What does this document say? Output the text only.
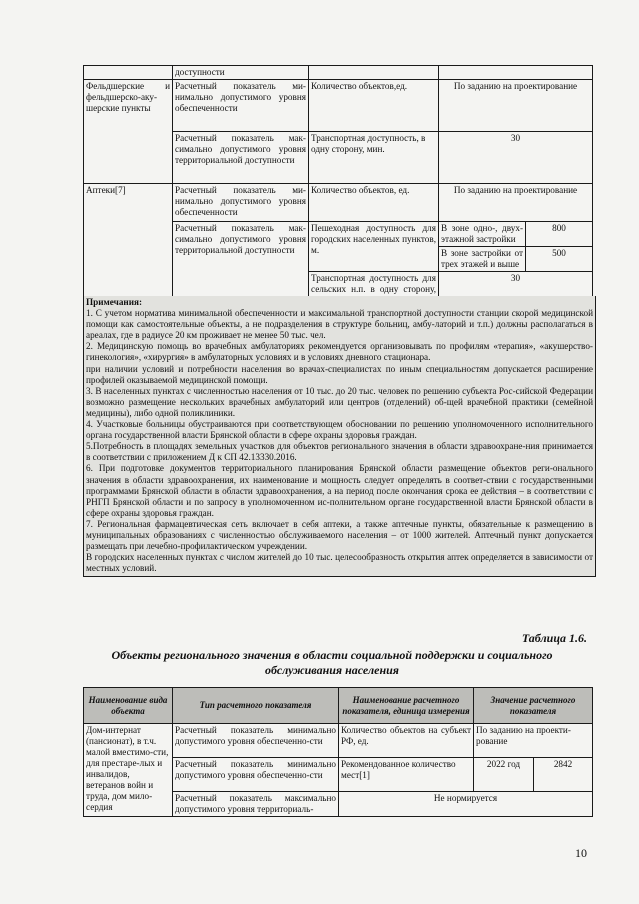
	доступности			
Фельдшерские и фельдшерско-аку-шерские пункты	Расчетный показатель ми-нимально допустимого уровня обеспеченности	Количество объектов,ед.	По заданию на проектирование	
	Расчетный показатель мак-симально допустимого уровня территориальной доступности	Транспортная доступность, в одну сторону, мин.	30	
Аптеки[7]	Расчетный показатель ми-нимально допустимого уровня обеспеченности	Количество объектов, ед.	По заданию на проектирование	
	Расчетный показатель мак-симально допустимого уровня территориальной доступности	Пешеходная доступность для городских населенных пунктов, м.	В зоне одно-, двух-этажной застройки	800
			В зоне застройки от трех этажей и выше	500
		Транспортная доступность для сельских н.п. в одну сторону,	30	

Примечания:

1. С учетом норматива минимальной обеспеченности и максимальной транспортной доступности станции скорой медицинской помощи как самостоятельные объекты, а не подразделения в структуре больниц, амбу-латорий и т.п.) должны располагаться в ареалах, где в радиусе 20 км проживает не менее 50 тыс. чел.

2. Медицинскую помощь во врачебных амбулаториях рекомендуется организовывать по профилям «терапия», «акушерство-гинекология», «хирургия» в амбулаторных условиях и в условиях дневного стационара.

при наличии условий и потребности населения во врачах-специалистах по иным специальностям допускается расширение профилей оказываемой медицинской помощи.

3. В населенных пунктах с численностью населения от 10 тыс. до 20 тыс. человек по решению субъекта Рос-сийской Федерации возможно размещение нескольких врачебных амбулаторий или центров (отделений) об-щей врачебной практики (семейной медицины), либо одной поликлиники.

4. Участковые больницы обустраиваются при соответствующем обосновании по решению уполномоченного исполнительного органа государственной власти Брянской области в сфере охраны здоровья граждан.

5.Потребность в площадях земельных участков для объектов регионального значения в области здравоохране-ния принимается в соответствии с приложением Д к СП 42.13330.2016.

6. При подготовке документов территориального планирования Брянской области размещение объектов реги-онального значения в области здравоохранения, их наименование и мощность следует определять в соответ-ствии с государственными программами Брянской области в области здравоохранения, а на период после окончания срока ее действия – в соответствии с РНГП Брянской области и по запросу в уполномоченном ис-полнительном органе государственной власти Брянской области в сфере охраны здоровья граждан.

7. Региональная фармацевтическая сеть включает в себя аптеки, а также аптечные пункты, обязательные к размещению в муниципальных образованиях с численностью обслуживаемого населения – от 1000 жителей. Аптечный пункт допускается размещать при лечебно-профилактическом учреждении.

В городских населенных пунктах с числом жителей до 10 тыс. целесообразность открытия аптек определяется в зависимости от местных условий.

Таблица 1.6.
Объекты регионального значения в области социальной поддержки и социального обслуживания населения
Наименование вида объекта	Тип расчетного показателя	Наименование расчетного показателя, единица измерения	Значение расчетного показателя	
Дом-интернат (пансионат), в т.ч. малой вместимо-сти, для престаре-лых и инвалидов, ветеранов войн и труда, дом мило-сердия	Расчетный показатель минимально допустимого уровня обеспеченно-сти	Количество объектов на субъект РФ, ед.	По заданию на проекти-рование	
	Расчетный показатель минимально допустимого уровня обеспеченно-сти	Рекомендованное количество мест[1]	2022 год	2842
	Расчетный показатель максимально допустимого уровня территориаль-	Не нормируется		
10
